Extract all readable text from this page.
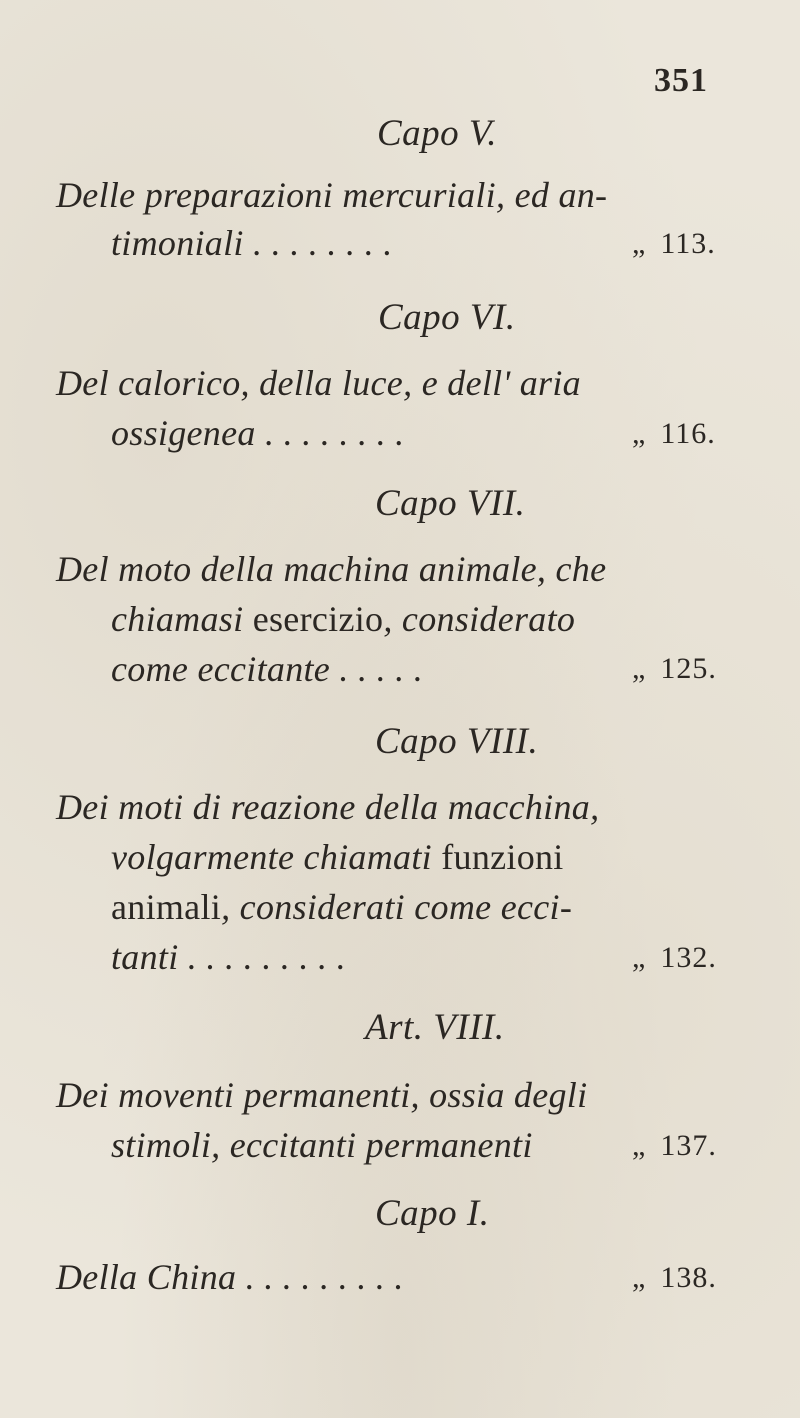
351
Capo V.
Delle preparazioni mercuriali, ed an-
timoniali . . . . . . . .	„ 113.
Capo VI.
Del calorico, della luce, e dell' aria
ossigenea . . . . . . . .	„ 116.
Capo VII.
Del moto della machina animale, che
chiamasi esercizio, considerato
come eccitante . . . . .	„ 125.
Capo VIII.
Dei moti di reazione della macchina,
volgarmente chiamati funzioni
animali, considerati come ecci-
tanti . . . . . . . . .	„ 132.
Art. VIII.
Dei moventi permanenti, ossia degli
stimoli, eccitanti permanenti	„ 137.
Capo I.
Della China . . . . . . . . .	„ 138.
